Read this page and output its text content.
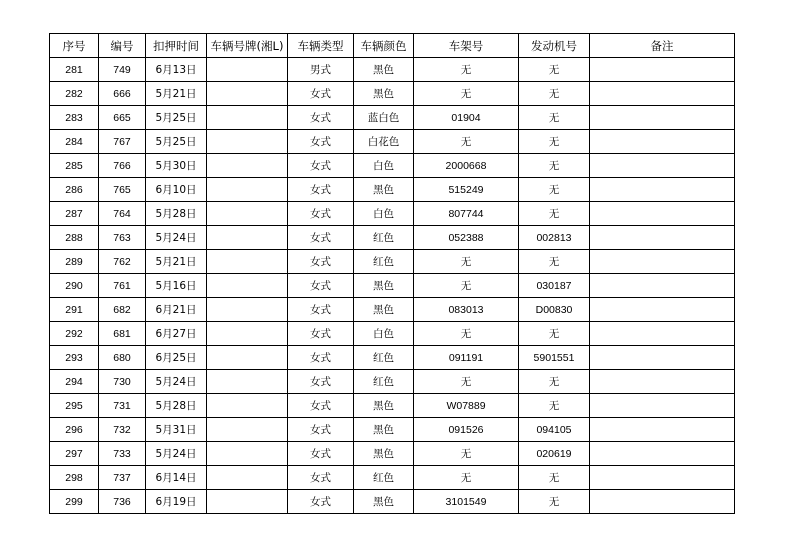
序号	编号	扣押时间	车辆号牌(湘L)	车辆类型	车辆颜色	车架号	发动机号	备注
281	749	6月13日		男式	黑色	无	无	
282	666	5月21日		女式	黑色	无	无	
283	665	5月25日		女式	蓝白色	01904	无	
284	767	5月25日		女式	白花色	无	无	
285	766	5月30日		女式	白色	2000668	无	
286	765	6月10日		女式	黑色	515249	无	
287	764	5月28日		女式	白色	807744	无	
288	763	5月24日		女式	红色	052388	002813	
289	762	5月21日		女式	红色	无	无	
290	761	5月16日		女式	黑色	无	030187	
291	682	6月21日		女式	黑色	083013	D00830	
292	681	6月27日		女式	白色	无	无	
293	680	6月25日		女式	红色	091191	5901551	
294	730	5月24日		女式	红色	无	无	
295	731	5月28日		女式	黑色	W07889	无	
296	732	5月31日		女式	黑色	091526	094105	
297	733	5月24日		女式	黑色	无	020619	
298	737	6月14日		女式	红色	无	无	
299	736	6月19日		女式	黑色	3101549	无	
